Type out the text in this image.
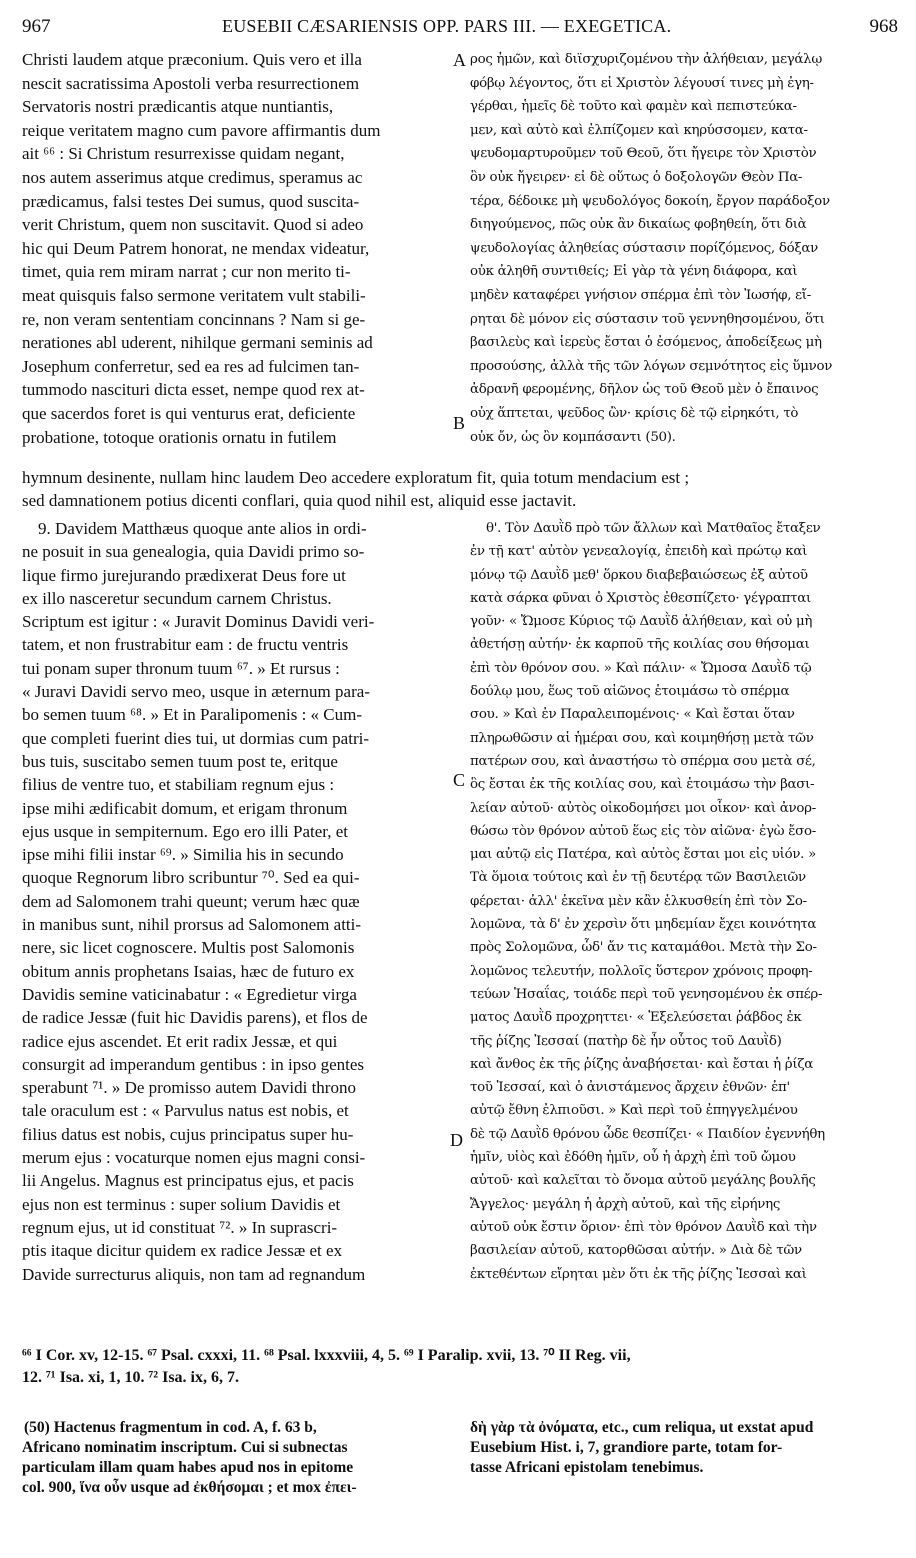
967	EUSEBII CÆSARIENSIS OPP. PARS III. — EXEGETICA.	968
Christi laudem atque præconium. Quis vero et illa
nescit sacratissima Apostoli verba resurrectionem
Servatoris nostri prædicantis atque nuntiantis,
reique veritatem magno cum pavore affirmantis dum
ait ⁶⁶ : Si Christum resurrexisse quidam negant,
nos autem asserimus atque credimus, speramus ac
prædicamus, falsi testes Dei sumus, quod suscita-
verit Christum, quem non suscitavit. Quod si adeo
hic qui Deum Patrem honorat, ne mendax videatur,
timet, quia rem miram narrat ; cur non merito ti-
meat quisquis falso sermone veritatem vult stabili-
re, non veram sententiam concinnans ? Nam si ge-
nerationes abl uderent, nihilque germani seminis ad
Josephum conferretur, sed ea res ad fulcimen tan-
tummodo nascituri dicta esset, nempe quod rex at-
que sacerdos foret is qui venturus erat, deficiente
probatione, totoque orationis ornatu in futilem
A
B
ρος ἡμῶν, καὶ διϊσχυριζομένου τὴν ἀλήθειαν, μεγάλῳ
φόβῳ λέγοντος, ὅτι εἰ Χριστὸν λέγουσί τινες μὴ ἐγη-
γέρθαι, ἡμεῖς δὲ τοῦτο καὶ φαμὲν καὶ πεπιστεύκα-
μεν, καὶ αὐτὸ καὶ ἐλπίζομεν καὶ κηρύσσομεν, κατα-
ψευδομαρτυροῦμεν τοῦ Θεοῦ, ὅτι ἤγειρε τὸν Χριστὸν
ὃν οὐκ ἤγειρεν· εἰ δὲ οὕτως ὁ δοξολογῶν Θεὸν Πα-
τέρα, δέδοικε μὴ ψευδολόγος δοκοίη, ἔργον παράδοξον
διηγούμενος, πῶς οὐκ ἂν δικαίως φοβηθείη, ὅτι διὰ
ψευδολογίας ἀληθείας σύστασιν πορίζόμενος, δόξαν
οὐκ ἀληθῆ συντιθείς; Εἰ γὰρ τὰ γένη διάφορα, καὶ
μηδὲν καταφέρει γνήσιον σπέρμα ἐπὶ τὸν Ἰωσήφ, εἴ-
ρηται δὲ μόνον εἰς σύστασιν τοῦ γεννηθησομένου, ὅτι
βασιλεὺς καὶ ἱερεὺς ἔσται ὁ ἐσόμενος, ἀποδείξεως μὴ
προσούσης, ἀλλὰ τῆς τῶν λόγων σεμνότητος εἰς ὕμνον
ἀδρανῆ φερομένης, δῆλον ὡς τοῦ Θεοῦ μὲν ὁ ἔπαινος
οὐχ ἅπτεται, ψεῦδος ὢν· κρίσις δὲ τῷ εἰρηκότι, τὸ
οὐκ ὄν, ὡς ὂν κομπάσαντι (50).
hymnum desinente, nullam hinc laudem Deo accedere exploratum fit, quia totum mendacium est ;
sed damnationem potius dicenti conflari, quia quod nihil est, aliquid esse jactavit.
9. Davidem Matthæus quoque ante alios in ordi-
ne posuit in sua genealogia, quia Davidi primo so-
lique firmo jurejurando prædixerat Deus fore ut
ex illo nasceretur secundum carnem Christus.
Scriptum est igitur : « Juravit Dominus Davidi veri-
tatem, et non frustrabitur eam : de fructu ventris
tui ponam super thronum tuum ⁶⁷. » Et rursus :
« Juravi Davidi servo meo, usque in æternum para-
bo semen tuum ⁶⁸. » Et in Paralipomenis : « Cum-
que completi fuerint dies tui, ut dormias cum patri-
bus tuis, suscitabo semen tuum post te, eritque
filius de ventre tuo, et stabiliam regnum ejus :
ipse mihi ædificabit domum, et erigam thronum
ejus usque in sempiternum. Ego ero illi Pater, et
ipse mihi filii instar ⁶⁹. » Similia his in secundo
quoque Regnorum libro scribuntur ⁷⁰. Sed ea qui-
dem ad Salomonem trahi queunt; verum hæc quæ
in manibus sunt, nihil prorsus ad Salomonem atti-
nere, sic licet cognoscere. Multis post Salomonis
obitum annis prophetans Isaias, hæc de futuro ex
Davidis semine vaticinabatur : « Egredietur virga
de radice Jessæ (fuit hic Davidis parens), et flos de
radice ejus ascendet. Et erit radix Jessæ, et qui
consurgit ad imperandum gentibus : in ipso gentes
sperabunt ⁷¹. » De promisso autem Davidi throno
tale oraculum est : « Parvulus natus est nobis, et
filius datus est nobis, cujus principatus super hu-
merum ejus : vocaturque nomen ejus magni consi-
lii Angelus. Magnus est principatus ejus, et pacis
ejus non est terminus : super solium Davidis et
regnum ejus, ut id constituat ⁷². » In suprascri-
ptis itaque dicitur quidem ex radice Jessæ et ex
Davide surrecturus aliquis, non tam ad regnandum
C
D
θ'. Τὸν Δαυῒδ πρὸ τῶν ἄλλων καὶ Ματθαῖος ἔταξεν
ἐν τῇ κατ' αὐτὸν γενεαλογίᾳ, ἐπειδὴ καὶ πρώτῳ καὶ
μόνῳ τῷ Δαυῒδ μεθ' ὅρκου διαβεβαιώσεως ἐξ αὐτοῦ
κατὰ σάρκα φῦναι ὁ Χριστὸς ἐθεσπίζετο· γέγραπται
γοῦν· « Ὤμοσε Κύριος τῷ Δαυῒδ ἀλήθειαν, καὶ οὐ μὴ
ἀθετήσῃ αὐτήν· ἐκ καρποῦ τῆς κοιλίας σου θήσομαι
ἐπὶ τὸν θρόνον σου. » Καὶ πάλιν· « Ὤμοσα Δαυῒδ τῷ
δούλῳ μου, ἕως τοῦ αἰῶνος ἑτοιμάσω τὸ σπέρμα
σου. » Καὶ ἐν Παραλειπομένοις· « Καὶ ἔσται ὅταν
πληρωθῶσιν αἱ ἡμέραι σου, καὶ κοιμηθήσῃ μετὰ τῶν
πατέρων σου, καὶ ἀναστήσω τὸ σπέρμα σου μετὰ σέ,
ὃς ἔσται ἐκ τῆς κοιλίας σου, καὶ ἑτοιμάσω τὴν βασι-
λείαν αὐτοῦ· αὐτὸς οἰκοδομήσει μοι οἶκον· καὶ ἀνορ-
θώσω τὸν θρόνον αὐτοῦ ἕως εἰς τὸν αἰῶνα· ἐγὼ ἔσο-
μαι αὐτῷ εἰς Πατέρα, καὶ αὐτὸς ἔσται μοι εἰς υἱόν. »
Τὰ ὅμοια τούτοις καὶ ἐν τῇ δευτέρᾳ τῶν Βασιλειῶν
φέρεται· ἀλλ' ἐκεῖνα μὲν κἂν ἑλκυσθείη ἐπὶ τὸν Σο-
λομῶνα, τὰ δ' ἐν χερσὶν ὅτι μηδεμίαν ἔχει κοινότητα
πρὸς Σολομῶνα, ὧδ' ἄν τις καταμάθοι. Μετὰ τὴν Σο-
λομῶνος τελευτήν, πολλοῖς ὕστερον χρόνοις προφη-
τεύων Ἡσαΐας, τοιάδε περὶ τοῦ γενησομένου ἐκ σπέρ-
ματος Δαυῒδ προχρηττει· « Ἐξελεύσεται ῥάβδος ἐκ
τῆς ῥίζης Ἰεσσαί (πατὴρ δὲ ἦν οὗτος τοῦ Δαυῒδ)
καὶ ἄνθος ἐκ τῆς ῥίζης ἀναβήσεται· καὶ ἔσται ἡ ῥίζα
τοῦ Ἰεσσαί, καὶ ὁ ἀνιστάμενος ἄρχειν ἐθνῶν· ἐπ'
αὐτῷ ἔθνη ἐλπιοῦσι. » Καὶ περὶ τοῦ ἐπηγγελμένου
δὲ τῷ Δαυῒδ θρόνου ὧδε θεσπίζει· « Παιδίον ἐγεννήθη
ἡμῖν, υἱὸς καὶ ἐδόθη ἡμῖν, οὗ ἡ ἀρχὴ ἐπὶ τοῦ ὤμου
αὐτοῦ· καὶ καλεῖται τὸ ὄνομα αὐτοῦ μεγάλης βουλῆς
Ἄγγελος· μεγάλη ἡ ἀρχὴ αὐτοῦ, καὶ τῆς εἰρήνης
αὐτοῦ οὐκ ἔστιν ὅριον· ἐπὶ τὸν θρόνον Δαυῒδ καὶ τὴν
βασιλείαν αὐτοῦ, κατορθῶσαι αὐτήν. » Διὰ δὲ τῶν
ἐκτεθέντων εἴρηται μὲν ὅτι ἐκ τῆς ῥίζης Ἰεσσαὶ καὶ
⁶⁶ I Cor. xv, 12-15. ⁶⁷ Psal. cxxxi, 11. ⁶⁸ Psal. lxxxviii, 4, 5. ⁶⁹ I Paralip. xvii, 13. ⁷⁰ II Reg. vii,
12. ⁷¹ Isa. xi, 1, 10. ⁷² Isa. ix, 6, 7.
(50) Hactenus fragmentum in cod. A, f. 63 b,
Africano nominatim inscriptum. Cui si subnectas
particulam illam quam habes apud nos in epitome
col. 900, ἵνα οὖν usque ad ἐκθήσομαι ; et mox ἐπει-
δὴ γὰρ τὰ ὀνόματα, etc., cum reliqua, ut exstat apud
Eusebium Hist. i, 7, grandiore parte, totam for-
tasse Africani epistolam tenebimus.
